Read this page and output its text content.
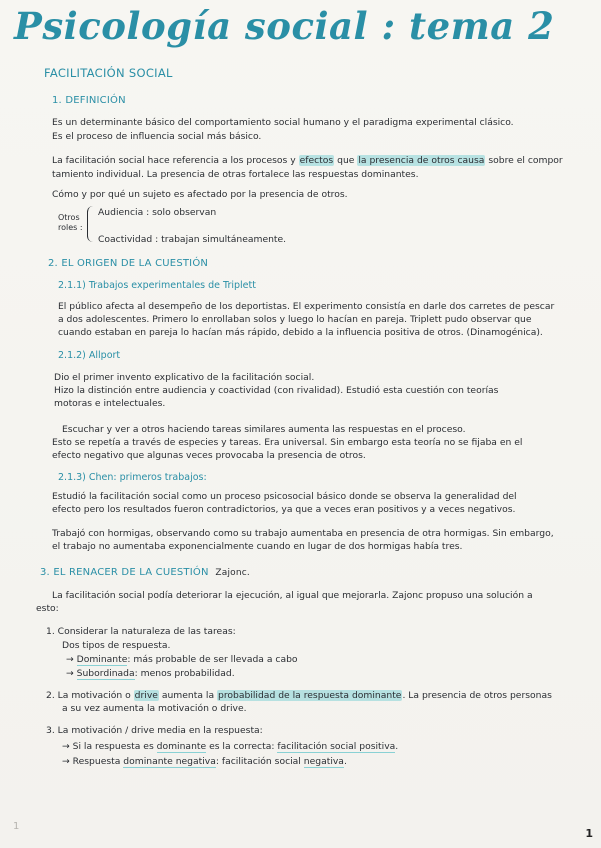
Psicología social : tema 2
FACILITACIÓN SOCIAL
1. DEFINICIÓN
Es un determinante básico del comportamiento social humano y el paradigma experimental clásico.
Es el proceso de influencia social más básico.
La facilitación social hace referencia a los procesos y efectos que la presencia de otros causa sobre el compor
tamiento individual. La presencia de otras fortalece las respuestas dominantes.
Cómo y por qué un sujeto es afectado por la presencia de otros.
Otros
roles :
Audiencia : solo observan
Coactividad : trabajan simultáneamente.
2. EL ORIGEN DE LA CUESTIÓN
2.1.1) Trabajos experimentales de Triplett
El público afecta al desempeño de los deportistas. El experimento consistía en darle dos carretes de pescar
a dos adolescentes. Primero lo enrollaban solos y luego lo hacían en pareja. Triplett pudo observar que
cuando estaban en pareja lo hacían más rápido, debido a la influencia positiva de otros. (Dinamogénica).
2.1.2) Allport
Dio el primer invento explicativo de la facilitación social.
Hizo la distinción entre audiencia y coactividad (con rivalidad). Estudió esta cuestión con teorías
motoras e intelectuales.
Escuchar y ver a otros haciendo tareas similares aumenta las respuestas en el proceso.
Esto se repetía a través de especies y tareas. Era universal. Sin embargo esta teoría no se fijaba en el
efecto negativo que algunas veces provocaba la presencia de otros.
2.1.3) Chen: primeros trabajos:
Estudió la facilitación social como un proceso psicosocial básico donde se observa la generalidad del
efecto pero los resultados fueron contradictorios, ya que a veces eran positivos y a veces negativos.
Trabajó con hormigas, observando como su trabajo aumentaba en presencia de otra hormigas. Sin embargo,
el trabajo no aumentaba exponencialmente cuando en lugar de dos hormigas había tres.
3. EL RENACER DE LA CUESTIÓN Zajonc.
La facilitación social podía deteriorar la ejecución, al igual que mejorarla. Zajonc propuso una solución a
esto:
1. Considerar la naturaleza de las tareas:
Dos tipos de respuesta.
→ Dominante: más probable de ser llevada a cabo
→ Subordinada: menos probabilidad.
2. La motivación o drive aumenta la probabilidad de la respuesta dominante. La presencia de otros personas
a su vez aumenta la motivación o drive.
3. La motivación / drive media en la respuesta:
→ Si la respuesta es dominante es la correcta: facilitación social positiva.
→ Respuesta dominante negativa: facilitación social negativa.
1
1
